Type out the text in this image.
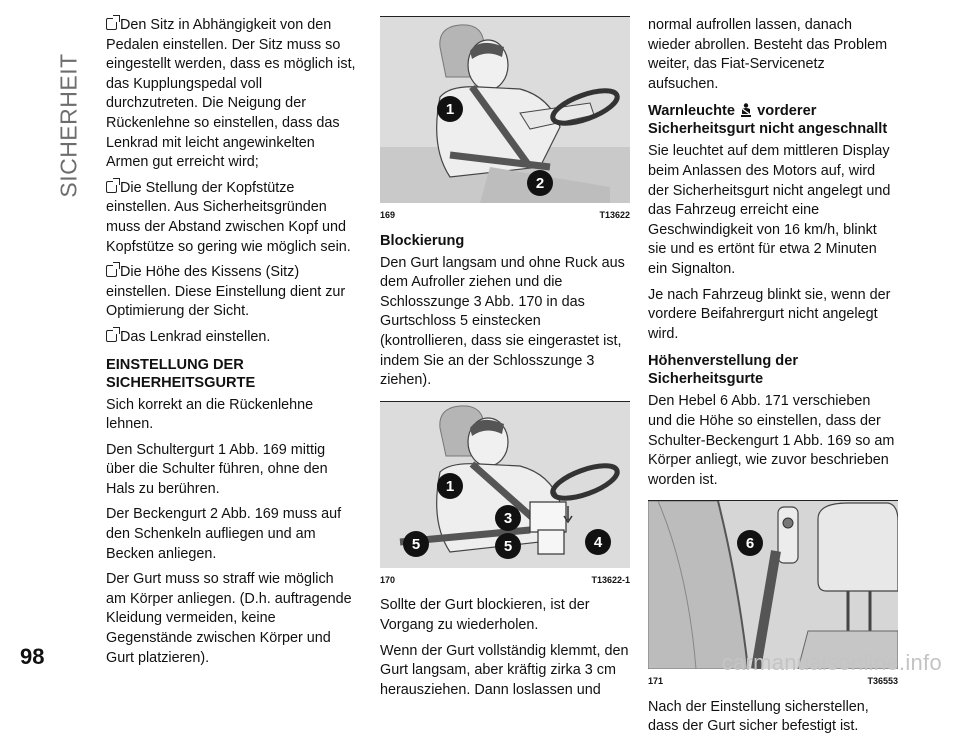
SICHERHEIT

Den Sitz in Abhängigkeit von den Pedalen einstellen. Der Sitz muss so eingestellt werden, dass es möglich ist, das Kupplungspedal voll durchzutreten. Die Neigung der Rückenlehne so einstellen, dass das Lenkrad mit leicht angewinkelten Armen gut erreicht wird;

Die Stellung der Kopfstütze einstellen. Aus Sicherheitsgründen muss der Abstand zwischen Kopf und Kopfstütze so gering wie möglich sein.

Die Höhe des Kissens (Sitz) einstellen. Diese Einstellung dient zur Optimierung der Sicht.

Das Lenkrad einstellen.

EINSTELLUNG DER SICHERHEITSGURTE

Sich korrekt an die Rückenlehne lehnen.

Den Schultergurt 1 Abb. 169 mittig über die Schulter führen, ohne den Hals zu berühren.

Der Beckengurt 2 Abb. 169 muss auf den Schenkeln aufliegen und am Becken anliegen.

Der Gurt muss so straff wie möglich am Körper anliegen. (D.h. auftragende Kleidung vermeiden, keine Gegenstände zwischen Körper und Gurt platzieren).

1
2
169	T13622
Blockierung

Den Gurt langsam und ohne Ruck aus dem Aufroller ziehen und die Schlosszunge 3 Abb. 170 in das Gurtschloss 5 einstecken (kontrollieren, dass sie eingerastet ist, indem Sie an der Schlosszunge 3 ziehen).

1
3
5	5	4
170	T13622-1

Sollte der Gurt blockieren, ist der Vorgang zu wiederholen.

Wenn der Gurt vollständig klemmt, den Gurt langsam, aber kräftig zirka 3 cm herausziehen. Dann loslassen und

normal aufrollen lassen, danach wieder abrollen. Besteht das Problem weiter, das Fiat-Servicenetz aufsuchen.

Warnleuchte vorderer Sicherheitsgurt nicht angeschnallt

Sie leuchtet auf dem mittleren Display beim Anlassen des Motors auf, wird der Sicherheitsgurt nicht angelegt und das Fahrzeug erreicht eine Geschwindigkeit von 16 km/h, blinkt sie und es ertönt für etwa 2 Minuten ein Signalton.

Je nach Fahrzeug blinkt sie, wenn der vordere Beifahrergurt nicht angelegt wird.

Höhenverstellung der Sicherheitsgurte

Den Hebel 6 Abb. 171 verschieben und die Höhe so einstellen, dass der Schulter-Beckengurt 1 Abb. 169 so am Körper anliegt, wie zuvor beschrieben worden ist.

6
171	T36553

Nach der Einstellung sicherstellen, dass der Gurt sicher befestigt ist.

98	carmanualsonline.info
